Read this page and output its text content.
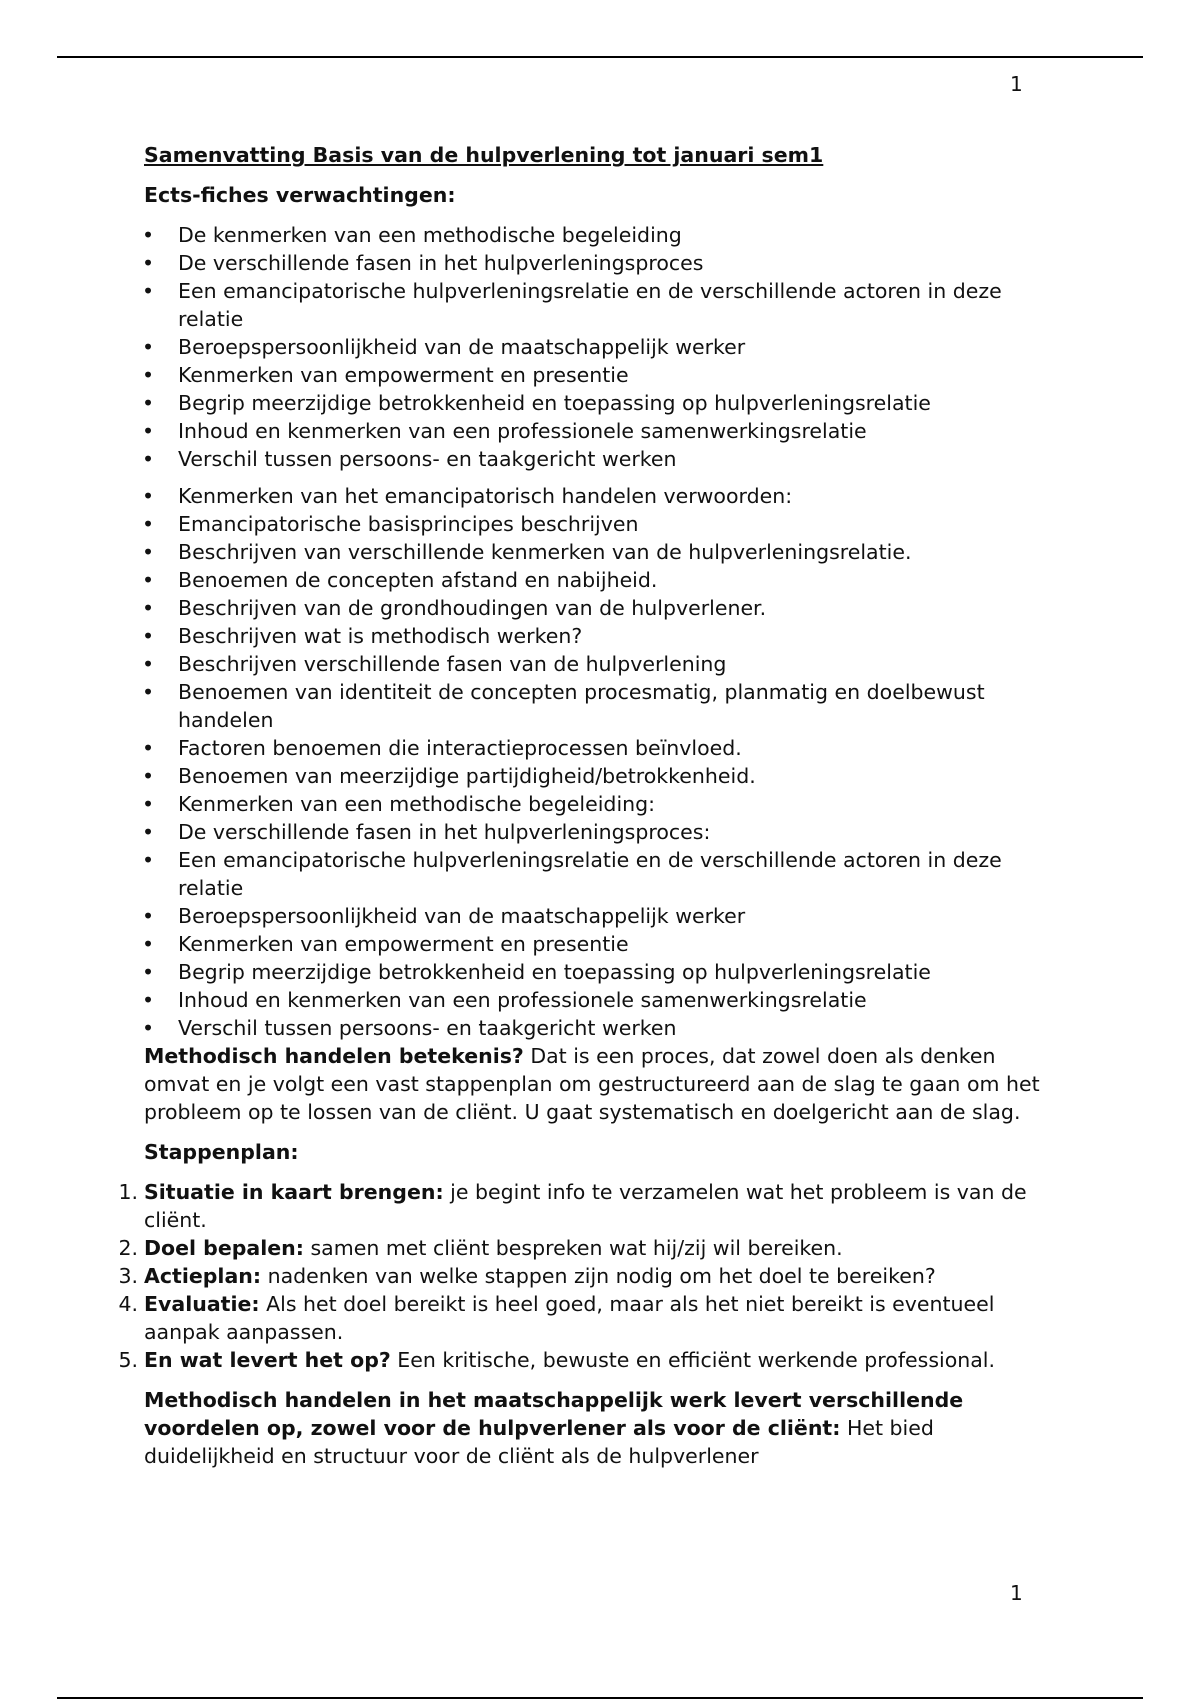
1

Samenvatting Basis van de hulpverlening tot januari sem1

Ects-fiches verwachtingen:

• De kenmerken van een methodische begeleiding
• De verschillende fasen in het hulpverleningsproces
• Een emancipatorische hulpverleningsrelatie en de verschillende actoren in deze relatie
• Beroepspersoonlijkheid van de maatschappelijk werker
• Kenmerken van empowerment en presentie
• Begrip meerzijdige betrokkenheid en toepassing op hulpverleningsrelatie
• Inhoud en kenmerken van een professionele samenwerkingsrelatie
• Verschil tussen persoons- en taakgericht werken
• Kenmerken van het emancipatorisch handelen verwoorden:
• Emancipatorische basisprincipes beschrijven
• Beschrijven van verschillende kenmerken van de hulpverleningsrelatie.
• Benoemen de concepten afstand en nabijheid.
• Beschrijven van de grondhoudingen van de hulpverlener.
• Beschrijven wat is methodisch werken?
• Beschrijven verschillende fasen van de hulpverlening
• Benoemen van identiteit de concepten procesmatig, planmatig en doelbewust handelen
• Factoren benoemen die interactieprocessen beïnvloed.
• Benoemen van meerzijdige partijdigheid/betrokkenheid.
• Kenmerken van een methodische begeleiding:
• De verschillende fasen in het hulpverleningsproces:
• Een emancipatorische hulpverleningsrelatie en de verschillende actoren in deze relatie
• Beroepspersoonlijkheid van de maatschappelijk werker
• Kenmerken van empowerment en presentie
• Begrip meerzijdige betrokkenheid en toepassing op hulpverleningsrelatie
• Inhoud en kenmerken van een professionele samenwerkingsrelatie
• Verschil tussen persoons- en taakgericht werken

Methodisch handelen betekenis? Dat is een proces, dat zowel doen als denken omvat en je volgt een vast stappenplan om gestructureerd aan de slag te gaan om het probleem op te lossen van de cliënt. U gaat systematisch en doelgericht aan de slag.

Stappenplan:

1. Situatie in kaart brengen: je begint info te verzamelen wat het probleem is van de cliënt.
2. Doel bepalen: samen met cliënt bespreken wat hij/zij wil bereiken.
3. Actieplan: nadenken van welke stappen zijn nodig om het doel te bereiken?
4. Evaluatie: Als het doel bereikt is heel goed, maar als het niet bereikt is eventueel aanpak aanpassen.
5. En wat levert het op? Een kritische, bewuste en efficiënt werkende professional.

Methodisch handelen in het maatschappelijk werk levert verschillende voordelen op, zowel voor de hulpverlener als voor de cliënt: Het bied duidelijkheid en structuur voor de cliënt als de hulpverlener

1
